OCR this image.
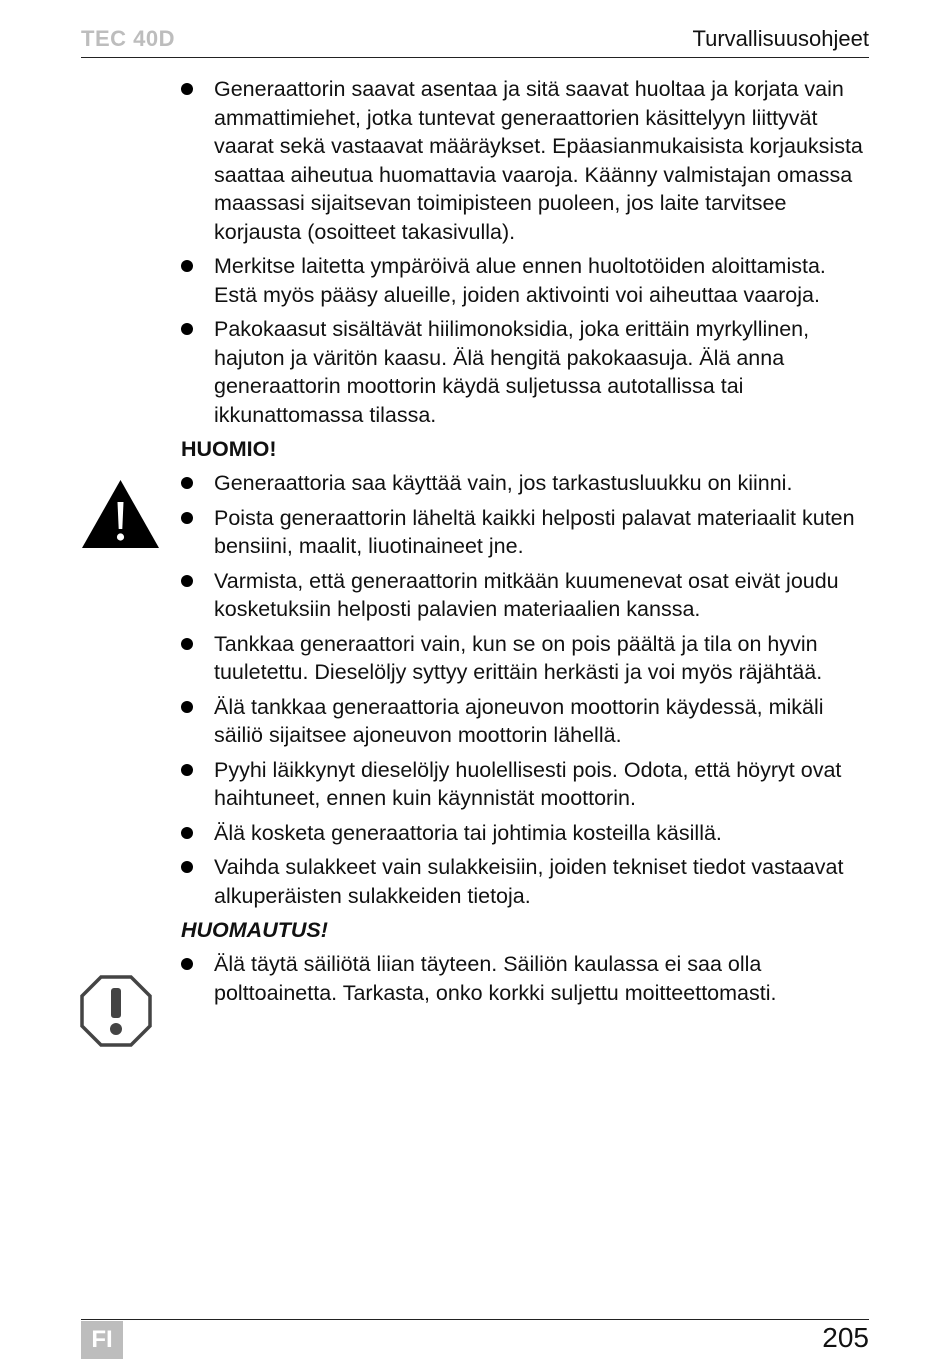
TEC 40D	Turvallisuusohjeet
Generaattorin saavat asentaa ja sitä saavat huoltaa ja korjata vain ammattimiehet, jotka tuntevat generaattorien käsittelyyn liittyvät vaarat sekä vastaavat määräykset. Epäasianmukaisista korjauksista saattaa aiheutua huomattavia vaaroja. Käänny valmistajan omassa maassasi sijaitsevan toimipisteen puoleen, jos laite tarvitsee korjausta (osoitteet takasivulla).
Merkitse laitetta ympäröivä alue ennen huoltotöiden aloittamista. Estä myös pääsy alueille, joiden aktivointi voi aiheuttaa vaaroja.
Pakokaasut sisältävät hiilimonoksidia, joka erittäin myrkyllinen, hajuton ja väritön kaasu. Älä hengitä pakokaasuja. Älä anna generaattorin moottorin käydä suljetussa autotallissa tai ikkunattomassa tilassa.
HUOMIO!
Generaattoria saa käyttää vain, jos tarkastusluukku on kiinni.
Poista generaattorin läheltä kaikki helposti palavat materiaalit kuten bensiini, maalit, liuotinaineet jne.
Varmista, että generaattorin mitkään kuumenevat osat eivät joudu kosketuksiin helposti palavien materiaalien kanssa.
Tankkaa generaattori vain, kun se on pois päältä ja tila on hyvin tuuletettu. Dieselöljy syttyy erittäin herkästi ja voi myös räjähtää.
Älä tankkaa generaattoria ajoneuvon moottorin käydessä, mikäli säiliö sijaitsee ajoneuvon moottorin lähellä.
Pyyhi läikkynyt dieselöljy huolellisesti pois. Odota, että höyryt ovat haihtuneet, ennen kuin käynnistät moottorin.
Älä kosketa generaattoria tai johtimia kosteilla käsillä.
Vaihda sulakkeet vain sulakkeisiin, joiden tekniset tiedot vastaavat alkuperäisten sulakkeiden tietoja.
HUOMAUTUS!
Älä täytä säiliötä liian täyteen. Säiliön kaulassa ei saa olla polttoainetta. Tarkasta, onko korkki suljettu moitteettomasti.
FI	205
